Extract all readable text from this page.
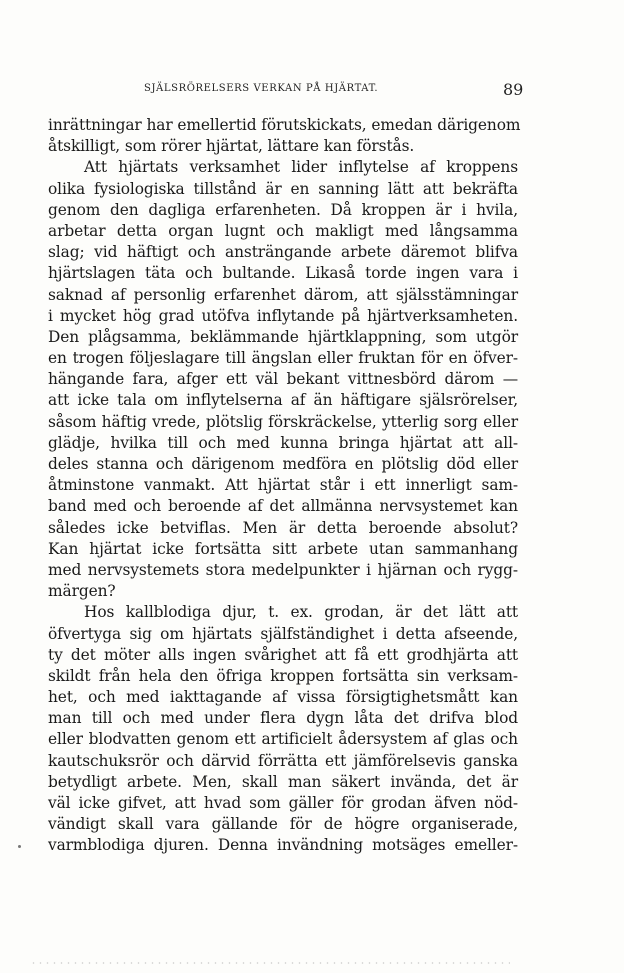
SJÄLSRÖRELSERS VERKAN PÅ HJÄRTAT.	89
inrättningar har emellertid förutskickats, emedan därigenom
åtskilligt, som rörer hjärtat, lättare kan förstås.
Att hjärtats verksamhet lider inflytelse af kroppens
olika fysiologiska tillstånd är en sanning lätt att bekräfta
genom den dagliga erfarenheten. Då kroppen är i hvila,
arbetar detta organ lugnt och makligt med långsamma
slag; vid häftigt och ansträngande arbete däremot blifva
hjärtslagen täta och bultande. Likaså torde ingen vara i
saknad af personlig erfarenhet därom, att själsstämningar
i mycket hög grad utöfva inflytande på hjärtverksamheten.
Den plågsamma, beklämmande hjärtklappning, som utgör
en trogen följeslagare till ängslan eller fruktan för en öfver-
hängande fara, afger ett väl bekant vittnesbörd därom —
att icke tala om inflytelserna af än häftigare själsrörelser,
såsom häftig vrede, plötslig förskräckelse, ytterlig sorg eller
glädje, hvilka till och med kunna bringa hjärtat att all-
deles stanna och därigenom medföra en plötslig död eller
åtminstone vanmakt. Att hjärtat står i ett innerligt sam-
band med och beroende af det allmänna nervsystemet kan
således icke betviflas. Men är detta beroende absolut?
Kan hjärtat icke fortsätta sitt arbete utan sammanhang
med nervsystemets stora medelpunkter i hjärnan och rygg-
märgen?
Hos kallblodiga djur, t. ex. grodan, är det lätt att
öfvertyga sig om hjärtats själfständighet i detta afseende,
ty det möter alls ingen svårighet att få ett grodhjärta att
skildt från hela den öfriga kroppen fortsätta sin verksam-
het, och med iakttagande af vissa försigtighetsmått kan
man till och med under flera dygn låta det drifva blod
eller blodvatten genom ett artificielt ådersystem af glas och
kautschuksrör och därvid förrätta ett jämförelsevis ganska
betydligt arbete. Men, skall man säkert invända, det är
väl icke gifvet, att hvad som gäller för grodan äfven nöd-
vändigt skall vara gällande för de högre organiserade,
varmblodiga djuren. Denna invändning motsäges emeller-
